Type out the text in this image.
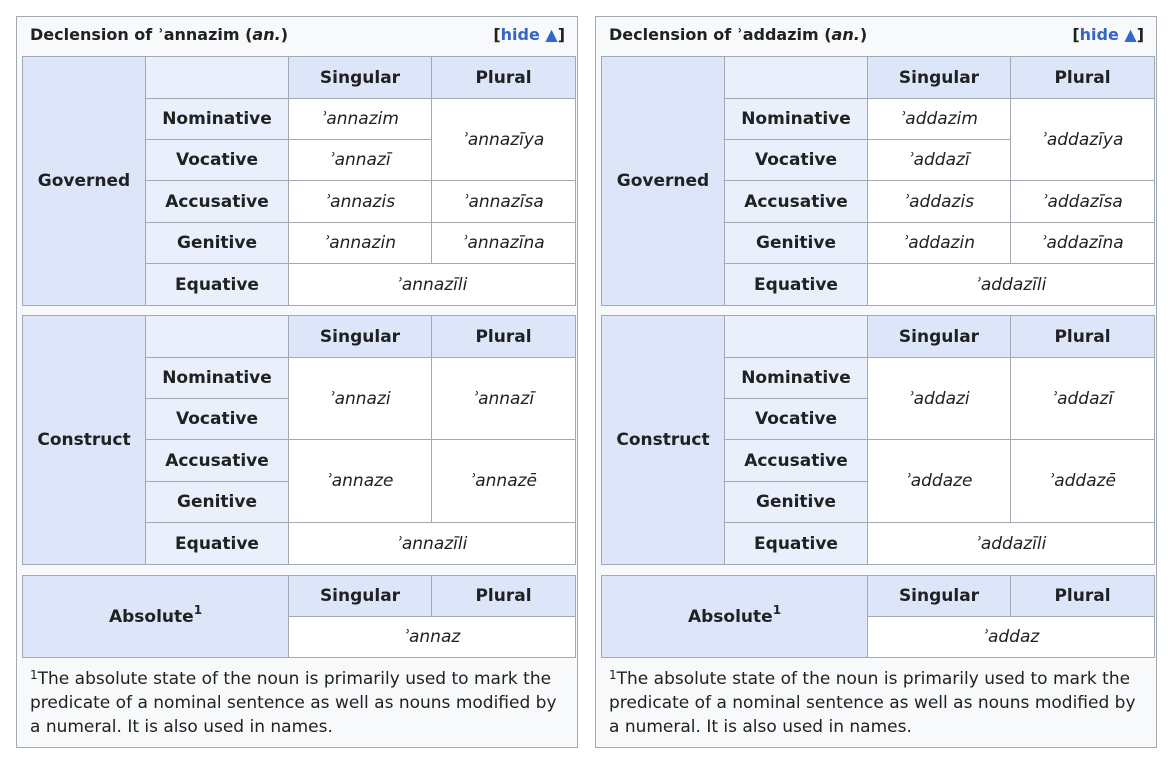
Declension of ʾannazim (an.)	[hide ▲]
Governed		Singular	Plural
	Nominative	ʾannazim	ʾannazīya
	Vocative	ʾannazī	
	Accusative	ʾannazis	ʾannazīsa
	Genitive	ʾannazin	ʾannazīna
	Equative	ʾannazīli	
Construct		Singular	Plural
	Nominative	ʾannazi	ʾannazī
	Vocative		
	Accusative	ʾannaze	ʾannazē
	Genitive		
	Equative	ʾannazīli	
Absolute$^1$	Singular	Plural
ʾannaz
$^1$The absolute state of the noun is primarily used to mark the predicate of a nominal sentence as well as nouns modified by a numeral. It is also used in names.
Declension of ʾaddazim (an.)	[hide ▲]
Governed		Singular	Plural
	Nominative	ʾaddazim	ʾaddazīya
	Vocative	ʾaddazī	
	Accusative	ʾaddazis	ʾaddazīsa
	Genitive	ʾaddazin	ʾaddazīna
	Equative	ʾaddazīli	
Construct		Singular	Plural
	Nominative	ʾaddazi	ʾaddazī
	Vocative		
	Accusative	ʾaddaze	ʾaddazē
	Genitive		
	Equative	ʾaddazīli	
Absolute$^1$	Singular	Plural
ʾaddaz
$^1$The absolute state of the noun is primarily used to mark the predicate of a nominal sentence as well as nouns modified by a numeral. It is also used in names.
